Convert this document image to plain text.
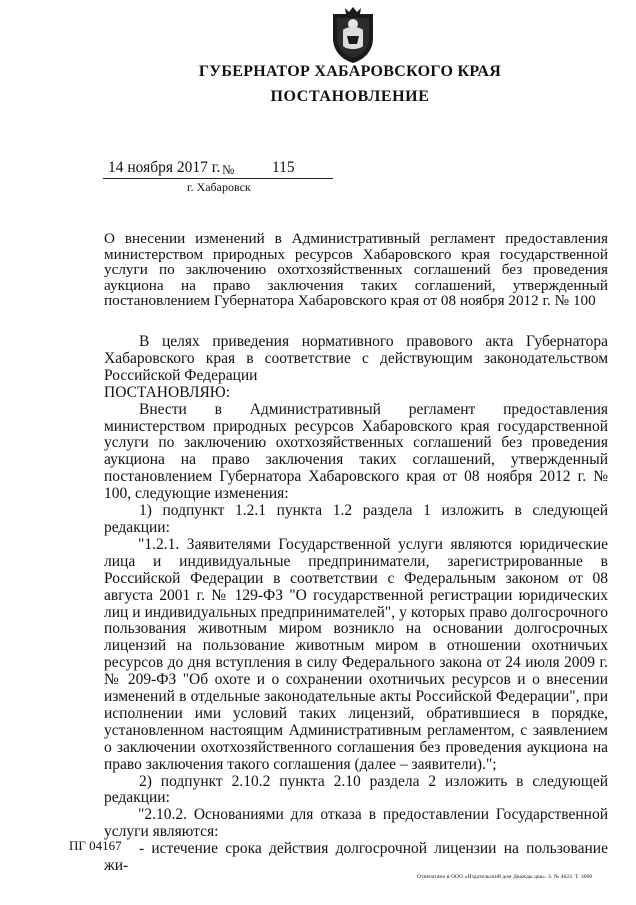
ГУБЕРНАТОР ХАБАРОВСКОГО КРАЯ
ПОСТАНОВЛЕНИЕ
14 ноября 2017 г. № 115
г. Хабаровск
О внесении изменений в Административный регламент предоставления министерством природных ресурсов Хабаровского края государственной услуги по заключению охотхозяйственных соглашений без проведения аукциона на право заключения таких соглашений, утвержденный постановлением Губернатора Хабаровского края от 08 ноября 2012 г. № 100

В целях приведения нормативного правового акта Губернатора Хабаровского края в соответствие с действующим законодательством Российской Федерации

ПОСТАНОВЛЯЮ:

Внести в Административный регламент предоставления министерством природных ресурсов Хабаровского края государственной услуги по заключению охотхозяйственных соглашений без проведения аукциона на право заключения таких соглашений, утвержденный постановлением Губернатора Хабаровского края от 08 ноября 2012 г. № 100, следующие изменения:

1) подпункт 1.2.1 пункта 1.2 раздела 1 изложить в следующей редакции:

"1.2.1. Заявителями Государственной услуги являются юридические лица и индивидуальные предприниматели, зарегистрированные в Российской Федерации в соответствии с Федеральным законом от 08 августа 2001 г. № 129-ФЗ "О государственной регистрации юридических лиц и индивидуальных предпринимателей", у которых право долгосрочного пользования животным миром возникло на основании долгосрочных лицензий на пользование животным миром в отношении охотничьих ресурсов до дня вступления в силу Федерального закона от 24 июля 2009 г. № 209-ФЗ "Об охоте и о сохранении охотничьих ресурсов и о внесении изменений в отдельные законодательные акты Российской Федерации", при исполнении ими условий таких лицензий, обратившиеся в порядке, установленном настоящим Административным регламентом, с заявлением о заключении охотхозяйственного соглашения без проведения аукциона на право заключения такого соглашения (далее – заявители).";

2) подпункт 2.10.2 пункта 2.10 раздела 2 изложить в следующей редакции:

"2.10.2. Основаниями для отказа в предоставлении Государственной услуги являются:

- истечение срока действия долгосрочной лицензии на пользование жи-

ПГ 04167
Отпечатано в ООО «Издательский дом Дважды два». З. № 4622. Т. 3000
